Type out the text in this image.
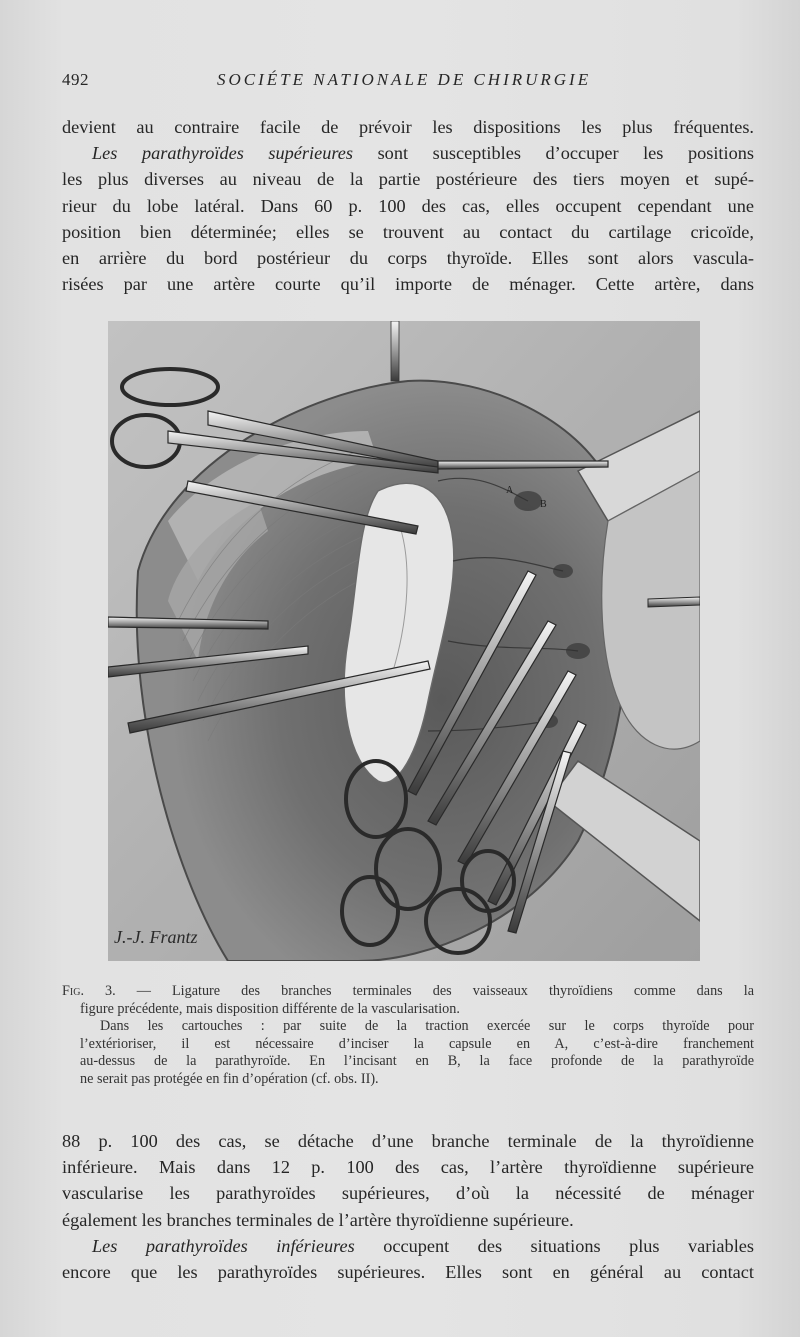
492	SOCIÉTE NATIONALE DE CHIRURGIE
devient au contraire facile de prévoir les dispositions les plus fréquentes.
Les parathyroïdes supérieures sont susceptibles d’occuper les positions
les plus diverses au niveau de la partie postérieure des tiers moyen et supé-
rieur du lobe latéral. Dans 60 p. 100 des cas, elles occupent cependant une
position bien déterminée; elles se trouvent au contact du cartilage cricoïde,
en arrière du bord postérieur du corps thyroïde. Elles sont alors vascula-
risées par une artère courte qu’il importe de ménager. Cette artère, dans
A
B
J.-J. Frantz
Fig. 3. — Ligature des branches terminales des vaisseaux thyroïdiens comme dans la
figure précédente, mais disposition différente de la vascularisation.
Dans les cartouches : par suite de la traction exercée sur le corps thyroïde pour
l’extérioriser, il est nécessaire d’inciser la capsule en A, c’est-à-dire franchement
au-dessus de la parathyroïde. En l’incisant en B, la face profonde de la parathyroïde
ne serait pas protégée en fin d’opération (cf. obs. II).
88 p. 100 des cas, se détache d’une branche terminale de la thyroïdienne
inférieure. Mais dans 12 p. 100 des cas, l’artère thyroïdienne supérieure
vascularise les parathyroïdes supérieures, d’où la nécessité de ménager
également les branches terminales de l’artère thyroïdienne supérieure.
Les parathyroïdes inférieures occupent des situations plus variables
encore que les parathyroïdes supérieures. Elles sont en général au contact
